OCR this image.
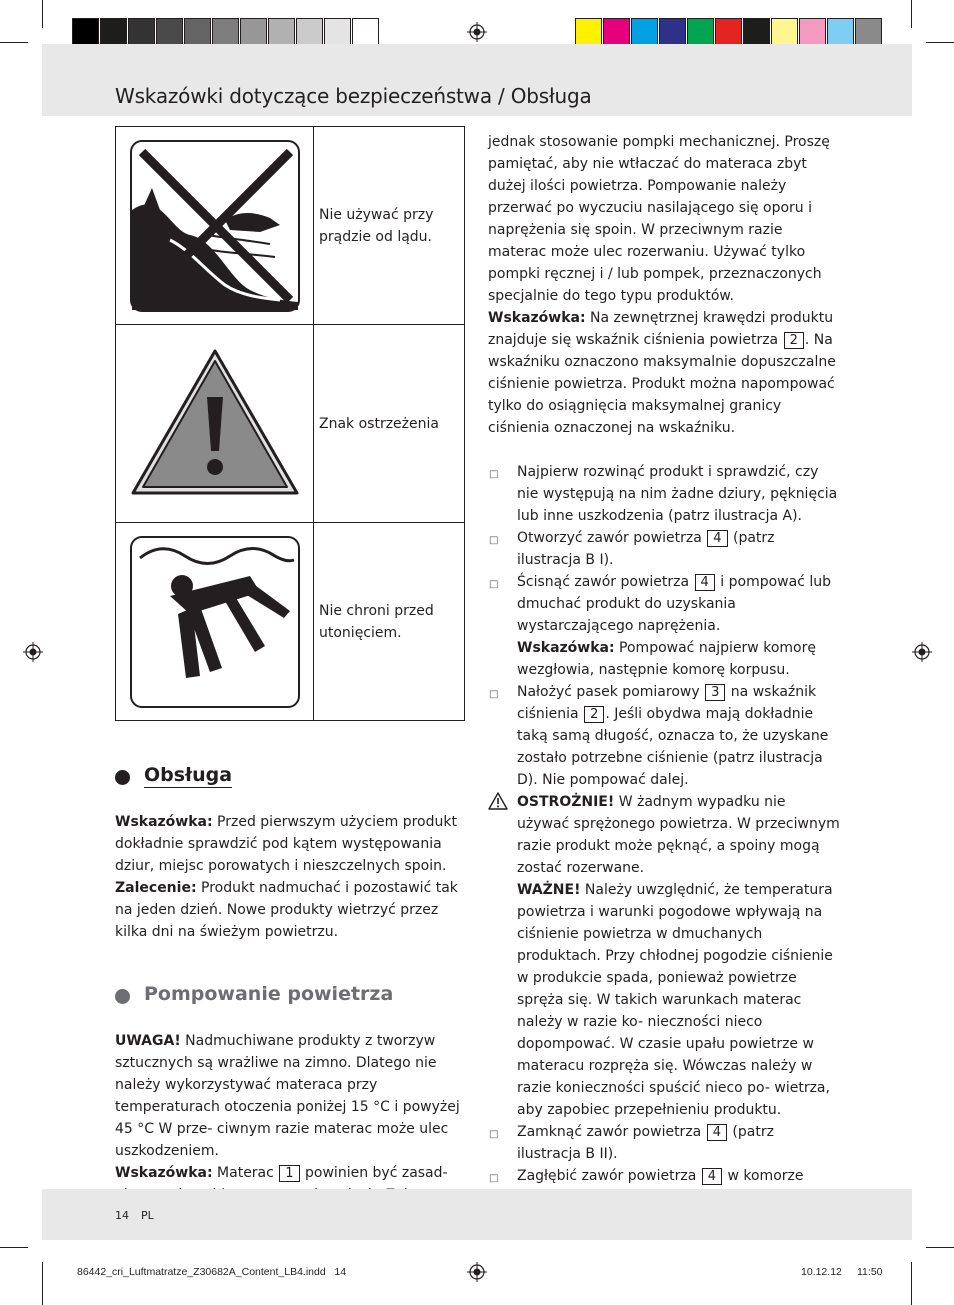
Wskazówki dotyczące bezpieczeństwa / Obsługa
	Nie używać przy prądzie od lądu.

	Znak ostrzeżenia

	Nie chroni przed utonięciem.
Obsługa

Wskazówka: Przed pierwszym użyciem produkt dokładnie sprawdzić pod kątem występowania dziur, miejsc porowatych i nieszczelnych spoin.

Zalecenie: Produkt nadmuchać i pozostawić tak na jeden dzień. Nowe produkty wietrzyć przez kilka dni na świeżym powietrzu.

Pompowanie powietrza

UWAGA! Nadmuchiwane produkty z tworzyw sztucznych są wrażliwe na zimno. Dlatego nie należy wykorzystywać materaca przy temperaturach otoczenia poniżej 15 °C i powyżej 45 °C W prze- ciwnym razie materac może ulec uszkodzeniem.

Wskazówka: Materac 1 powinien być zasad-

jednak stosowanie pompki mechanicznej. Proszę pamiętać, aby nie wtłaczać do materaca zbyt dużej ilości powietrza. Pompowanie należy przerwać po wyczuciu nasilającego się oporu i naprężenia się spoin. W przeciwnym razie materac może ulec rozerwaniu. Używać tylko pompki ręcznej i / lub pompek, przeznaczonych specjalnie do tego typu produktów.

Wskazówka: Na zewnętrznej krawędzi produktu znajduje się wskaźnik ciśnienia powietrza 2 . Na wskaźniku oznaczono maksymalnie dopuszczalne ciśnienie powietrza. Produkt można napompować tylko do osiągnięcia maksymalnej granicy ciśnienia oznaczonej na wskaźniku.

□ Najpierw rozwinąć produkt i sprawdzić, czy nie występują na nim żadne dziury, pęknięcia lub inne uszkodzenia (patrz ilustracja A).
□ Otworzyć zawór powietrza 4 (patrz ilustracja B I).
□ Ścisnąć zawór powietrza 4 i pompować lub dmuchać produkt do uzyskania wystarczającego naprężenia.
Wskazówka: Pompować najpierw komorę wezgłowia, następnie komorę korpusu.
□ Nałożyć pasek pomiarowy 3 na wskaźnik ciśnienia 2 . Jeśli obydwa mają dokładnie taką samą długość, oznacza to, że uzyskane zostało potrzebne ciśnienie (patrz ilustracja D). Nie pompować dalej.
OSTROŻNIE! W żadnym wypadku nie używać sprężonego powietrza. W przeciwnym razie produkt może pęknąć, a spoiny mogą zostać rozerwane.
WAŻNE! Należy uwzględnić, że temperatura powietrza i warunki pogodowe wpływają na ciśnienie powietrza w dmuchanych produktach. Przy chłodnej pogodzie ciśnienie w produkcie spada, ponieważ powietrze spręża się. W takich warunkach materac należy w razie ko- nieczności nieco dopompować. W czasie upału powietrze w materacu rozpręża się. Wówczas należy w razie konieczności spuścić nieco po- wietrza, aby zapobiec przepełnieniu produktu.
□ Zamknąć zawór powietrza 4 (patrz ilustracja B II).
□ Zagłębić zawór powietrza 4 w komorze
14 PL
86442_cri_Luftmatratze_Z30682A_Content_LB4.indd   14	10.12.12 11:50
